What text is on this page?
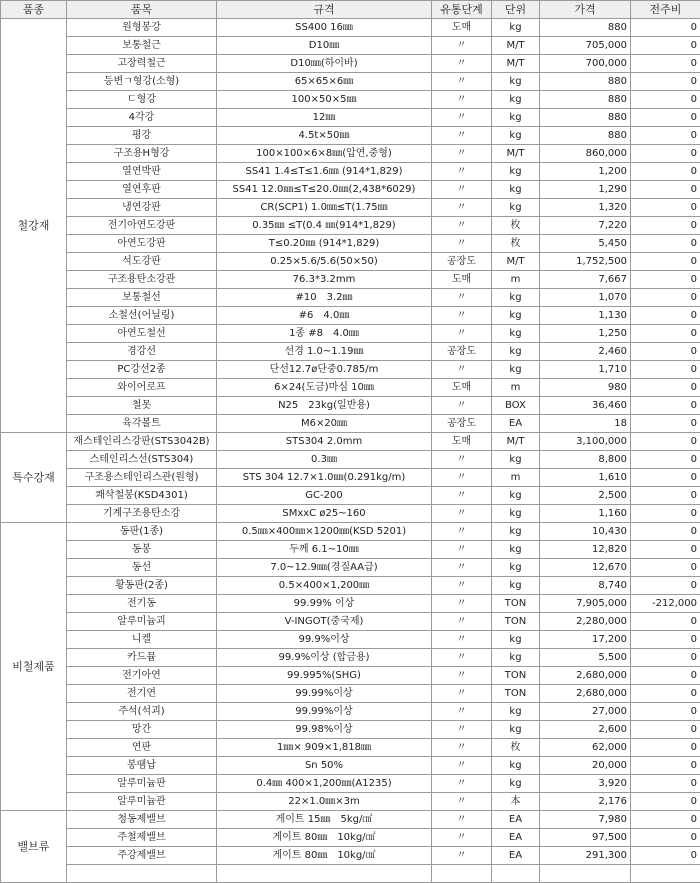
품종	품목	규격	유통단계	단위	가격	전주비
철강재	원형봉강	SS400 16㎜	도매	kg	880	0
	보통철근	D10㎜	〃	M/T	705,000	0
	고장력철근	D10㎜(하이바)	〃	M/T	700,000	0
	등변ㄱ형강(소형)	65×65×6㎜	〃	kg	880	0
	ㄷ형강	100×50×5㎜	〃	kg	880	0
	4각강	12㎜	〃	kg	880	0
	평강	4.5t×50㎜	〃	kg	880	0
	구조용H형강	100×100×6×8㎜(압연,중형)	〃	M/T	860,000	0
	열연박판	SS41 1.4≤T≤1.6㎜ (914*1,829)	〃	kg	1,200	0
	열연후판	SS41 12.0㎜≤T≤20.0㎜(2,438*6029)	〃	kg	1,290	0
	냉연강판	CR(SCP1) 1.0㎜≤T(1.75㎜	〃	kg	1,320	0
	전기아연도강판	0.35㎜ ≤T(0.4 ㎜(914*1,829)	〃	枚	7,220	0
	아연도강판	T≤0.20㎜ (914*1,829)	〃	枚	5,450	0
	석도강판	0.25×5.6/5.6(50×50)	공장도	M/T	1,752,500	0
	구조용탄소강관	76.3*3.2mm	도매	m	7,667	0
	보통철선	#10　3.2㎜	〃	kg	1,070	0
	소철선(어닐링)	#6　4.0㎜	〃	kg	1,130	0
	아연도철선	1종 #8　4.0㎜	〃	kg	1,250	0
	경강선	선경 1.0~1.19㎜	공장도	kg	2,460	0
	PC강선2종	단선12.7ø단중0.785/m	〃	kg	1,710	0
	와이어로프	6×24(도금)마심 10㎜	도매	m	980	0
	철못	N25　23kg(일반용)	〃	BOX	36,460	0
	육각볼트	M6×20㎜	공장도	EA	18	0
특수강재	재스테인리스강판(STS3042B)	STS304 2.0mm	도매	M/T	3,100,000	0
	스테인리스선(STS304)	0.3㎜	〃	kg	8,800	0
	구조용스테인리스관(원형)	STS 304 12.7×1.0㎜(0.291kg/m)	〃	m	1,610	0
	쾌삭철봉(KSD4301)	GC-200	〃	kg	2,500	0
	기계구조용탄소강	SMxxC ø25~160	〃	kg	1,160	0
비철제품	동판(1종)	0.5㎜×400㎜×1200㎜(KSD 5201)	〃	kg	10,430	0
	동봉	두께 6.1~10㎜	〃	kg	12,820	0
	동선	7.0~12.9㎜(경질AA급)	〃	kg	12,670	0
	황동판(2종)	0.5×400×1,200㎜	〃	kg	8,740	0
	전기동	99.99% 이상	〃	TON	7,905,000	-212,000
	알루미늄괴	V-INGOT(중국제)	〃	TON	2,280,000	0
	니켈	99.9%이상	〃	kg	17,200	0
	카드뮴	99.9%이상 (합금용)	〃	kg	5,500	0
	전기아연	99.995%(SHG)	〃	TON	2,680,000	0
	전기연	99.99%이상	〃	TON	2,680,000	0
	주석(석괴)	99.99%이상	〃	kg	27,000	0
	망간	99.98%이상	〃	kg	2,600	0
	연판	1㎜× 909×1,818㎜	〃	枚	62,000	0
	봉땜납	Sn 50%	〃	kg	20,000	0
	알루미늄판	0.4㎜ 400×1,200㎜(A1235)	〃	kg	3,920	0
	알루미늄관	22×1.0㎜×3m	〃	本	2,176	0
밸브류	청동제밸브	게이트 15㎜　5kg/㎠	〃	EA	7,980	0
	주철제밸브	게이트 80㎜　10kg/㎠	〃	EA	97,500	0
	주강제밸브	게이트 80㎜　10kg/㎠	〃	EA	291,300	0
